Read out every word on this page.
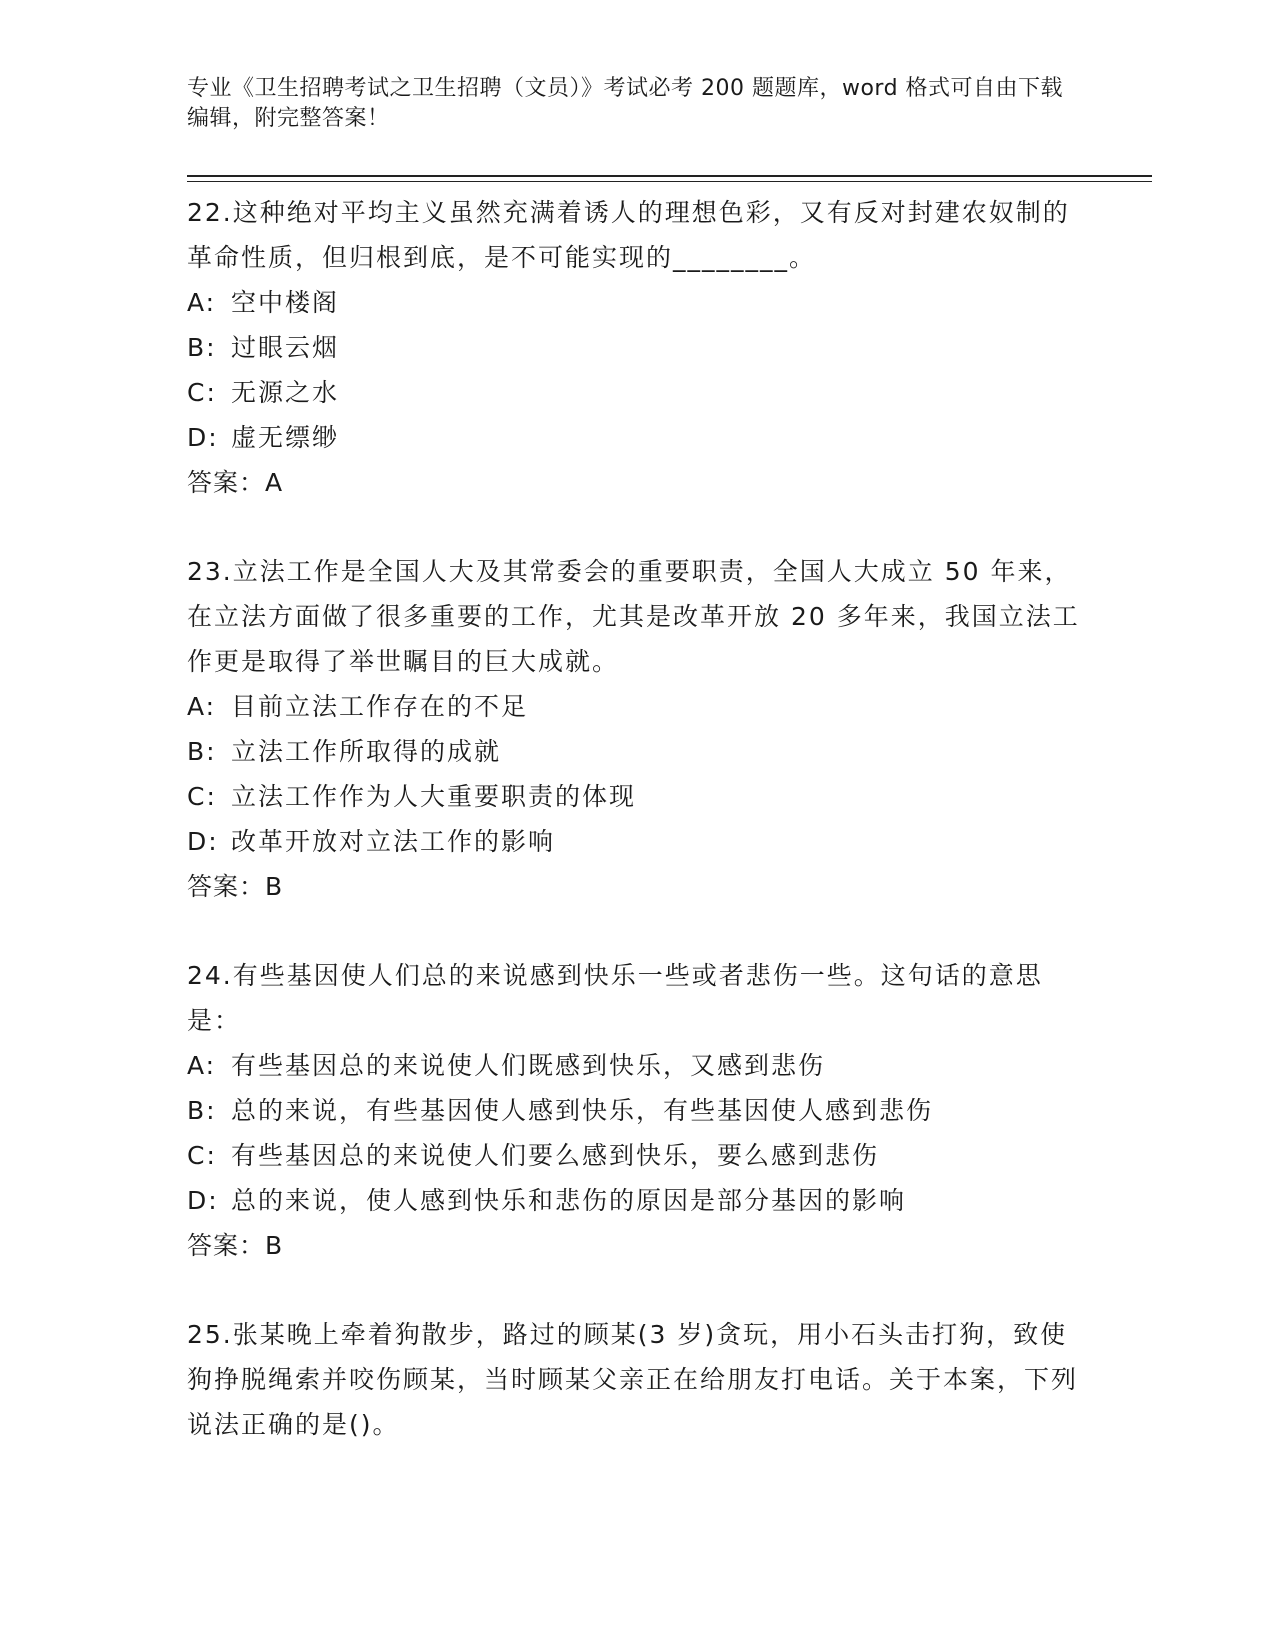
专业《卫生招聘考试之卫生招聘（文员）》考试必考 200 题题库，word 格式可自由下载编辑，附完整答案！
22.这种绝对平均主义虽然充满着诱人的理想色彩，又有反对封建农奴制的革命性质，但归根到底，是不可能实现的________。
A: 空中楼阁
B: 过眼云烟
C: 无源之水
D: 虚无缥缈
答案：A
23.立法工作是全国人大及其常委会的重要职责，全国人大成立 50 年来，在立法方面做了很多重要的工作，尤其是改革开放 20 多年来，我国立法工作更是取得了举世瞩目的巨大成就。
A: 目前立法工作存在的不足
B: 立法工作所取得的成就
C: 立法工作作为人大重要职责的体现
D: 改革开放对立法工作的影响
答案：B
24.有些基因使人们总的来说感到快乐一些或者悲伤一些。这句话的意思是：
A: 有些基因总的来说使人们既感到快乐，又感到悲伤
B: 总的来说，有些基因使人感到快乐，有些基因使人感到悲伤
C: 有些基因总的来说使人们要么感到快乐，要么感到悲伤
D: 总的来说，使人感到快乐和悲伤的原因是部分基因的影响
答案：B
25.张某晚上牵着狗散步，路过的顾某(3 岁)贪玩，用小石头击打狗，致使狗挣脱绳索并咬伤顾某，当时顾某父亲正在给朋友打电话。关于本案，下列说法正确的是()。
